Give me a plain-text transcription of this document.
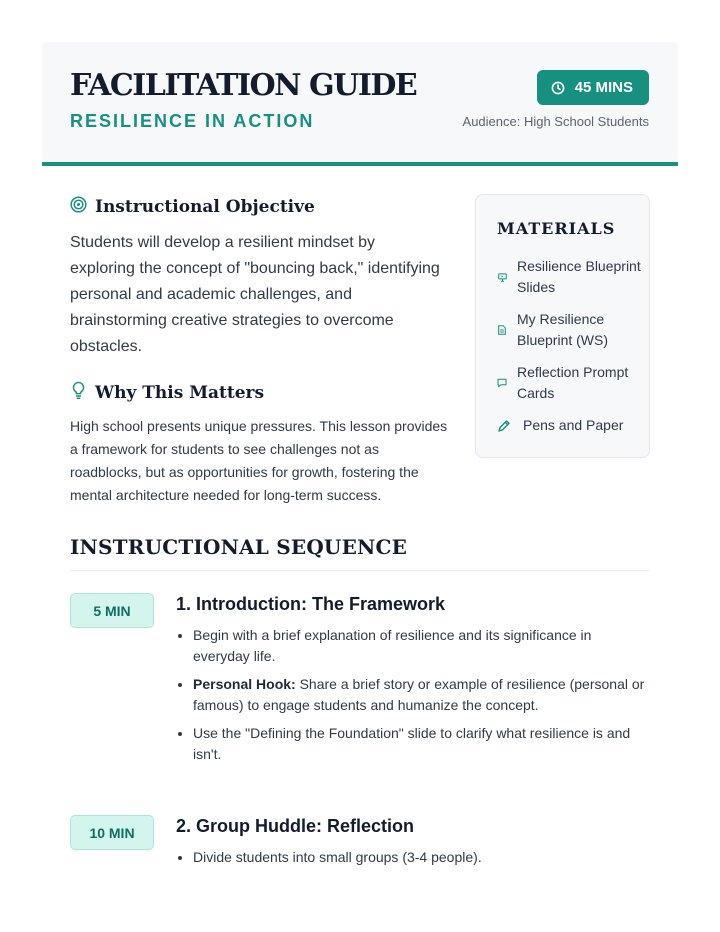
FACILITATION GUIDE
RESILIENCE IN ACTION
45 MINS
Audience: High School Students
Instructional Objective
Students will develop a resilient mindset by exploring the concept of "bouncing back," identifying personal and academic challenges, and brainstorming creative strategies to overcome obstacles.
Why This Matters
High school presents unique pressures. This lesson provides a framework for students to see challenges not as roadblocks, but as opportunities for growth, fostering the mental architecture needed for long-term success.
MATERIALS
Resilience Blueprint Slides
My Resilience Blueprint (WS)
Reflection Prompt Cards
Pens and Paper
INSTRUCTIONAL SEQUENCE
5 MIN	1. Introduction: The Framework
Begin with a brief explanation of resilience and its significance in everyday life.
Personal Hook: Share a brief story or example of resilience (personal or famous) to engage students and humanize the concept.
Use the "Defining the Foundation" slide to clarify what resilience is and isn't.
10 MIN	2. Group Huddle: Reflection
Divide students into small groups (3-4 people).
